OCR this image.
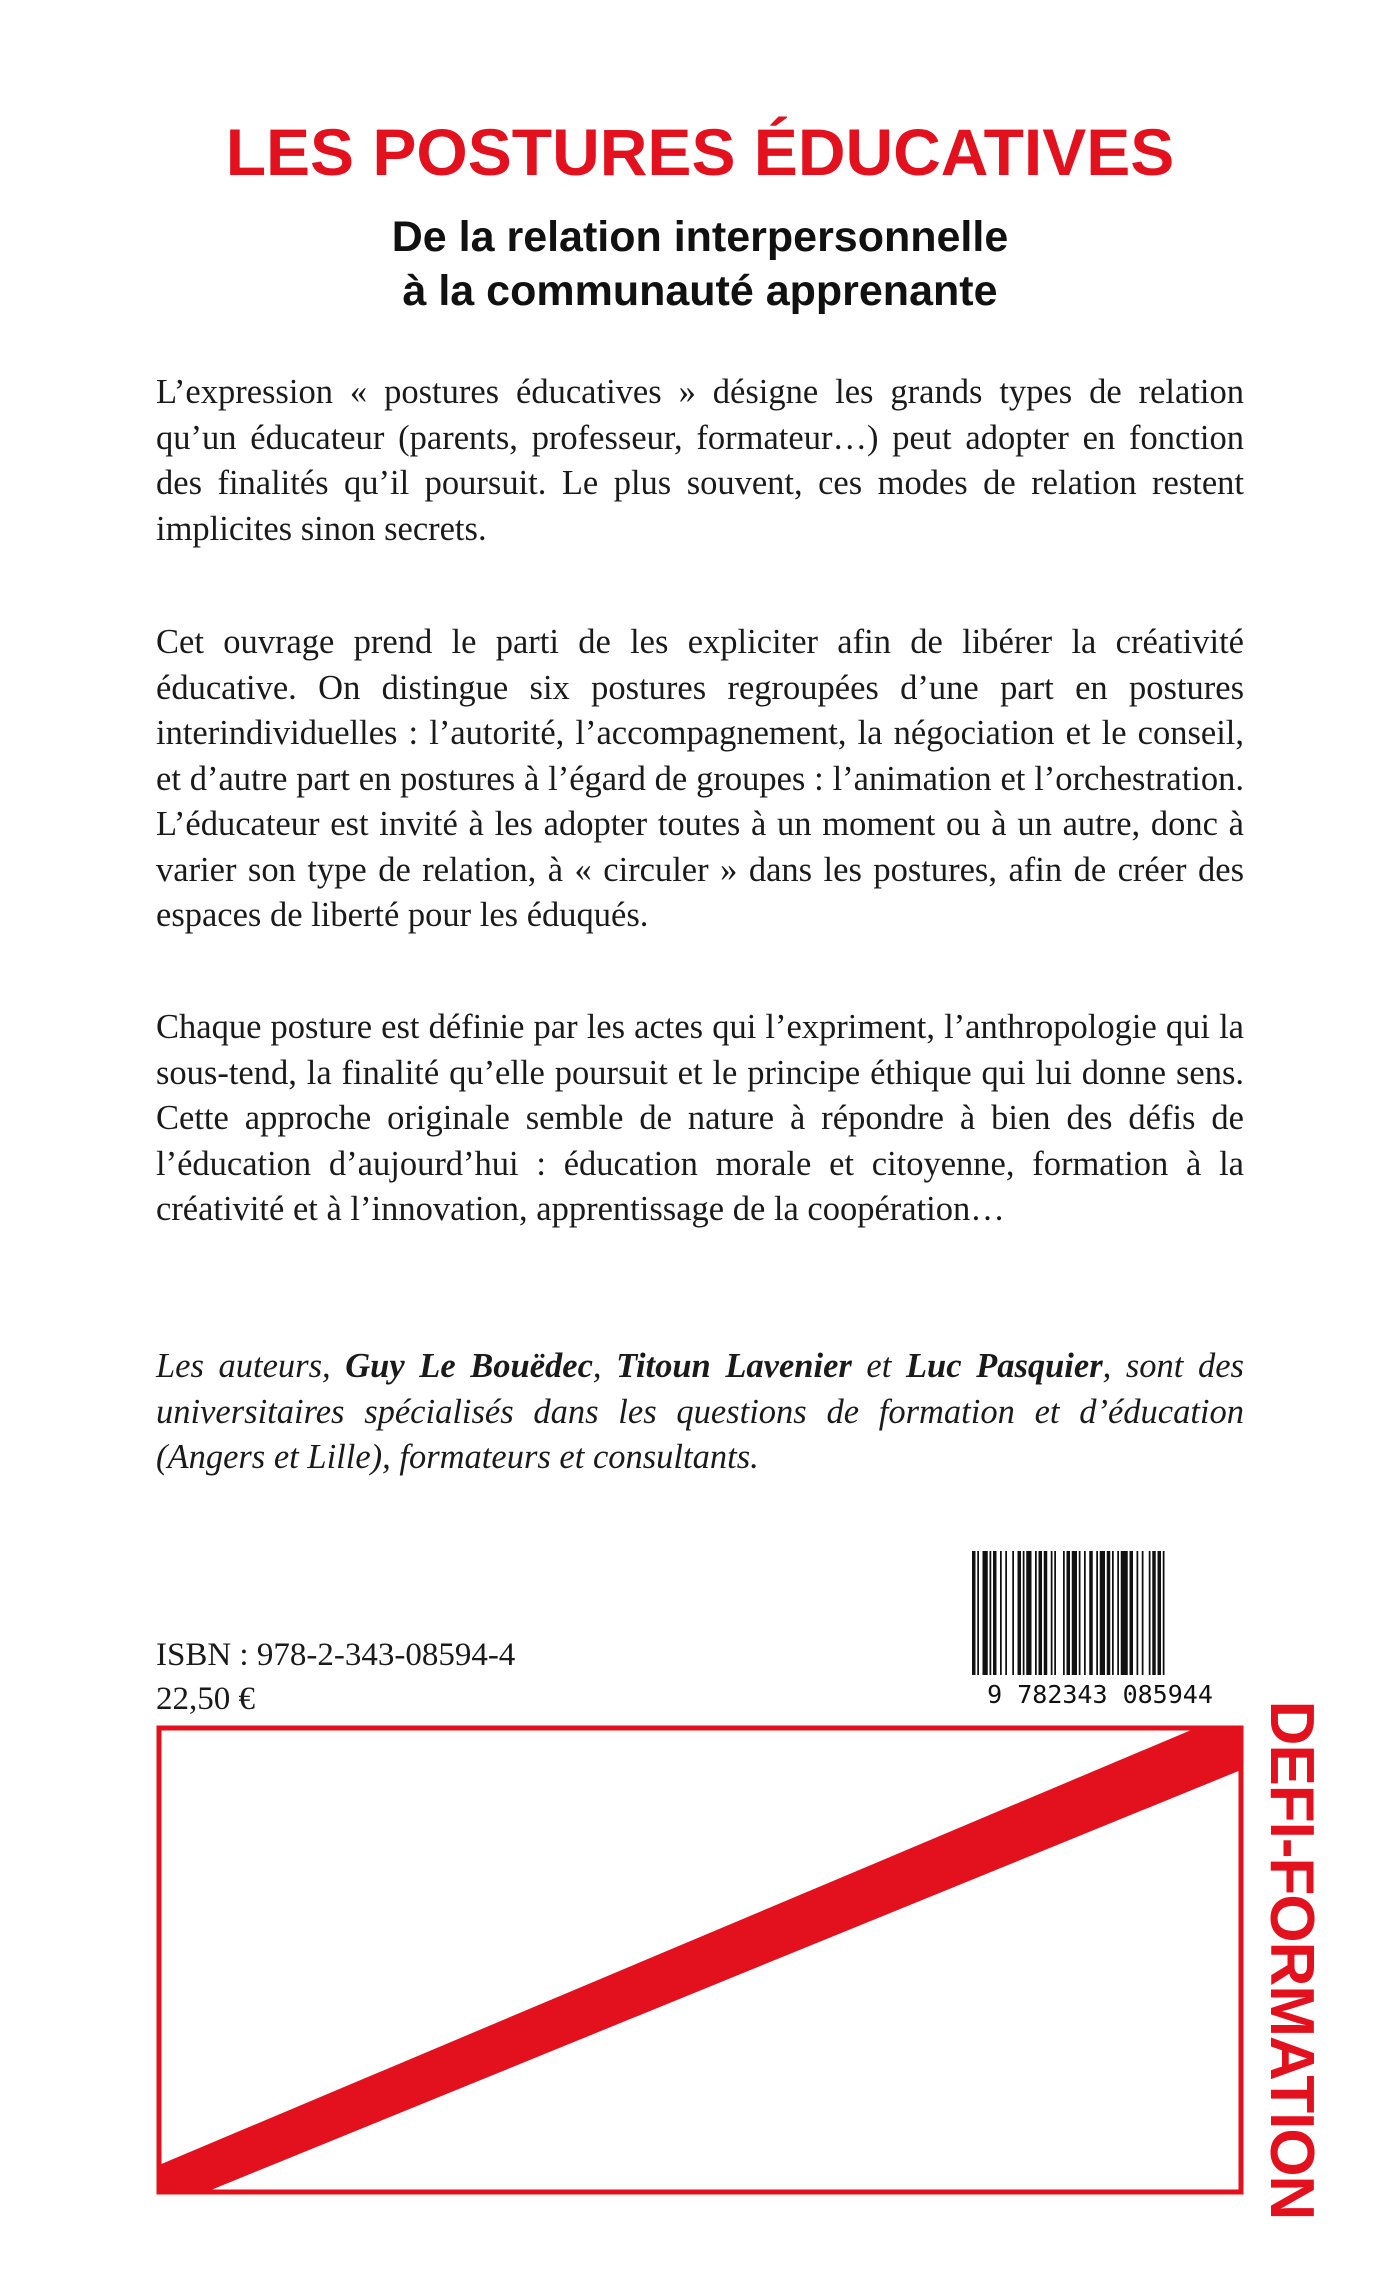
LES POSTURES ÉDUCATIVES
De la relation interpersonnelle
à la communauté apprenante

L’expression « postures éducatives » désigne les grands types de relation qu’un éducateur (parents, professeur, formateur…) peut adopter en fonction des finalités qu’il poursuit. Le plus souvent, ces modes de relation restent implicites sinon secrets.

Cet ouvrage prend le parti de les expliciter afin de libérer la créativité éducative. On distingue six postures regroupées d’une part en postures interindividuelles : l’autorité, l’accompagnement, la négociation et le conseil, et d’autre part en postures à l’égard de groupes : l’animation et l’orchestration. L’éducateur est invité à les adopter toutes à un moment ou à un autre, donc à varier son type de relation, à « circuler » dans les postures, afin de créer des espaces de liberté pour les éduqués.

Chaque posture est définie par les actes qui l’expriment, l’anthropologie qui la sous-tend, la finalité qu’elle poursuit et le principe éthique qui lui donne sens. Cette approche originale semble de nature à répondre à bien des défis de l’éducation d’aujourd’hui : éducation morale et citoyenne, formation à la créativité et à l’innovation, apprentissage de la coopération…

Les auteurs, Guy Le Bouëdec, Titoun Lavenier et Luc Pasquier, sont des universitaires spécialisés dans les questions de formation et d’éducation (Angers et Lille), formateurs et consultants.

ISBN : 978-2-343-08594-4
22,50 €	9 782343 085944
DEFI-FORMATION
